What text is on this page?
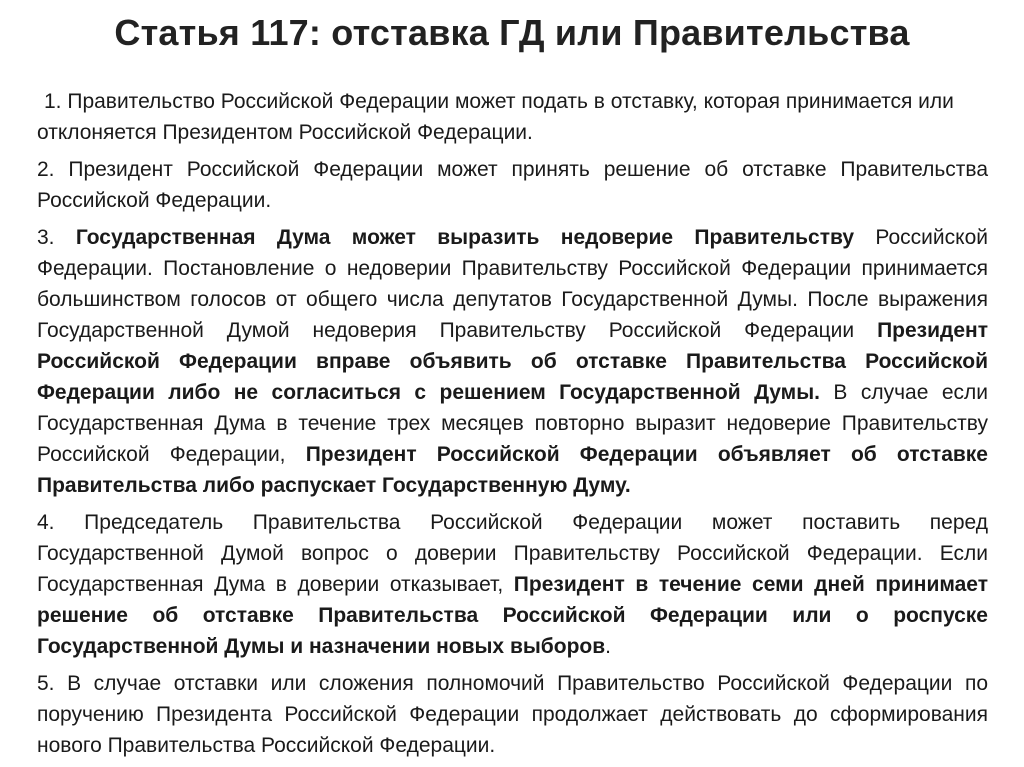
Статья 117: отставка ГД или Правительства

1. Правительство Российской Федерации может подать в отставку, которая принимается или отклоняется Президентом Российской Федерации.

2. Президент Российской Федерации может принять решение об отставке Правительства Российской Федерации.

3. Государственная Дума может выразить недоверие Правительству Российской Федерации. Постановление о недоверии Правительству Российской Федерации принимается большинством голосов от общего числа депутатов Государственной Думы. После выражения Государственной Думой недоверия Правительству Российской Федерации Президент Российской Федерации вправе объявить об отставке Правительства Российской Федерации либо не согласиться с решением Государственной Думы. В случае если Государственная Дума в течение трех месяцев повторно выразит недоверие Правительству Российской Федерации, Президент Российской Федерации объявляет об отставке Правительства либо распускает Государственную Думу.

4. Председатель Правительства Российской Федерации может поставить перед Государственной Думой вопрос о доверии Правительству Российской Федерации. Если Государственная Дума в доверии отказывает, Президент в течение семи дней принимает решение об отставке Правительства Российской Федерации или о роспуске Государственной Думы и назначении новых выборов.

5. В случае отставки или сложения полномочий Правительство Российской Федерации по поручению Президента Российской Федерации продолжает действовать до сформирования нового Правительства Российской Федерации.
